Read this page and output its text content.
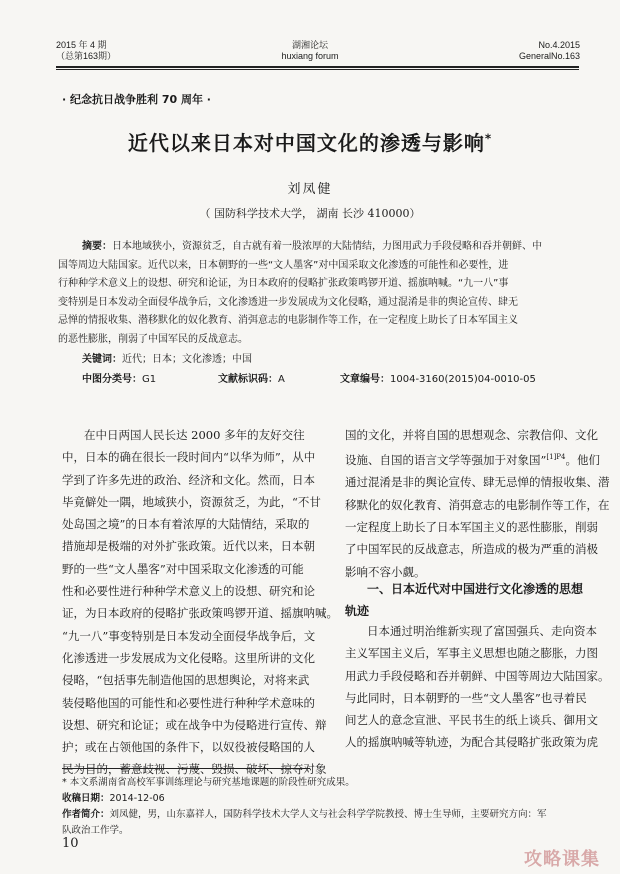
2015 年 4 期
（总第163期）
湖湘论坛
huxiang forum
No.4.2015
GeneralNo.163
· 纪念抗日战争胜利 70 周年 ·
近代以来日本对中国文化的渗透与影响*
刘凤健
（ 国防科学技术大学， 湖南 长沙 410000）
摘要：日本地域狭小，资源贫乏，自古就有着一股浓厚的大陆情结，力图用武力手段侵略和吞并朝鲜、中
国等周边大陆国家。近代以来，日本朝野的一些“文人墨客”对中国采取文化渗透的可能性和必要性，进
行种种学术意义上的设想、研究和论证，为日本政府的侵略扩张政策鸣锣开道、摇旗呐喊。“九一八”事
变特别是日本发动全面侵华战争后，文化渗透进一步发展成为文化侵略，通过混淆是非的舆论宣传、肆无
忌惮的情报收集、潜移默化的奴化教育、消弭意志的电影制作等工作，在一定程度上助长了日本军国主义
的恶性膨胀，削弱了中国军民的反战意志。
关键词：近代；日本；文化渗透；中国
中图分类号：G1	文献标识码：A	文章编号：1004-3160(2015)04-0010-05
在中日两国人民长达 2000 多年的友好交往
中，日本的确在很长一段时间内“以华为师”，从中
学到了许多先进的政治、经济和文化。然而，日本
毕竟僻处一隅，地域狭小，资源贫乏，为此，“不甘
处岛国之境”的日本有着浓厚的大陆情结，采取的
措施却是极端的对外扩张政策。近代以来，日本朝
野的一些“文人墨客”对中国采取文化渗透的可能
性和必要性进行种种学术意义上的设想、研究和论
证，为日本政府的侵略扩张政策鸣锣开道、摇旗呐喊。
“九一八”事变特别是日本发动全面侵华战争后，文
化渗透进一步发展成为文化侵略。这里所讲的文化
侵略，“包括事先制造他国的思想舆论，对将来武
装侵略他国的可能性和必要性进行种种学术意味的
设想、研究和论证；或在战争中为侵略进行宣传、辩
护；或在占领他国的条件下，以奴役被侵略国的人
民为目的，蓄意歧视、污蔑、毁损、破坏、掠夺对象
国的文化，并将自国的思想观念、宗教信仰、文化
设施、自国的语言文学等强加于对象国”$^{[1]P4}$。他们
通过混淆是非的舆论宣传、肆无忌惮的情报收集、潜
移默化的奴化教育、消弭意志的电影制作等工作，在
一定程度上助长了日本军国主义的恶性膨胀，削弱
了中国军民的反战意志，所造成的极为严重的消极
影响不容小觑。
一、日本近代对中国进行文化渗透的思想
轨迹
日本通过明治维新实现了富国强兵、走向资本
主义军国主义后，军事主义思想也随之膨胀，力图
用武力手段侵略和吞并朝鲜、中国等周边大陆国家。
与此同时，日本朝野的一些“文人墨客”也寻着民
间艺人的意念宣泄、平民书生的纸上谈兵、御用文
人的摇旗呐喊等轨迹，为配合其侵略扩张政策为虎
* 本文系湖南省高校军事训练理论与研究基地课题的阶段性研究成果。
收稿日期：2014-12-06
作者简介：刘凤健，男，山东嘉祥人，国防科学技术大学人文与社会科学学院教授、博士生导师，主要研究方向：军
队政治工作学。
10
攻略课集
